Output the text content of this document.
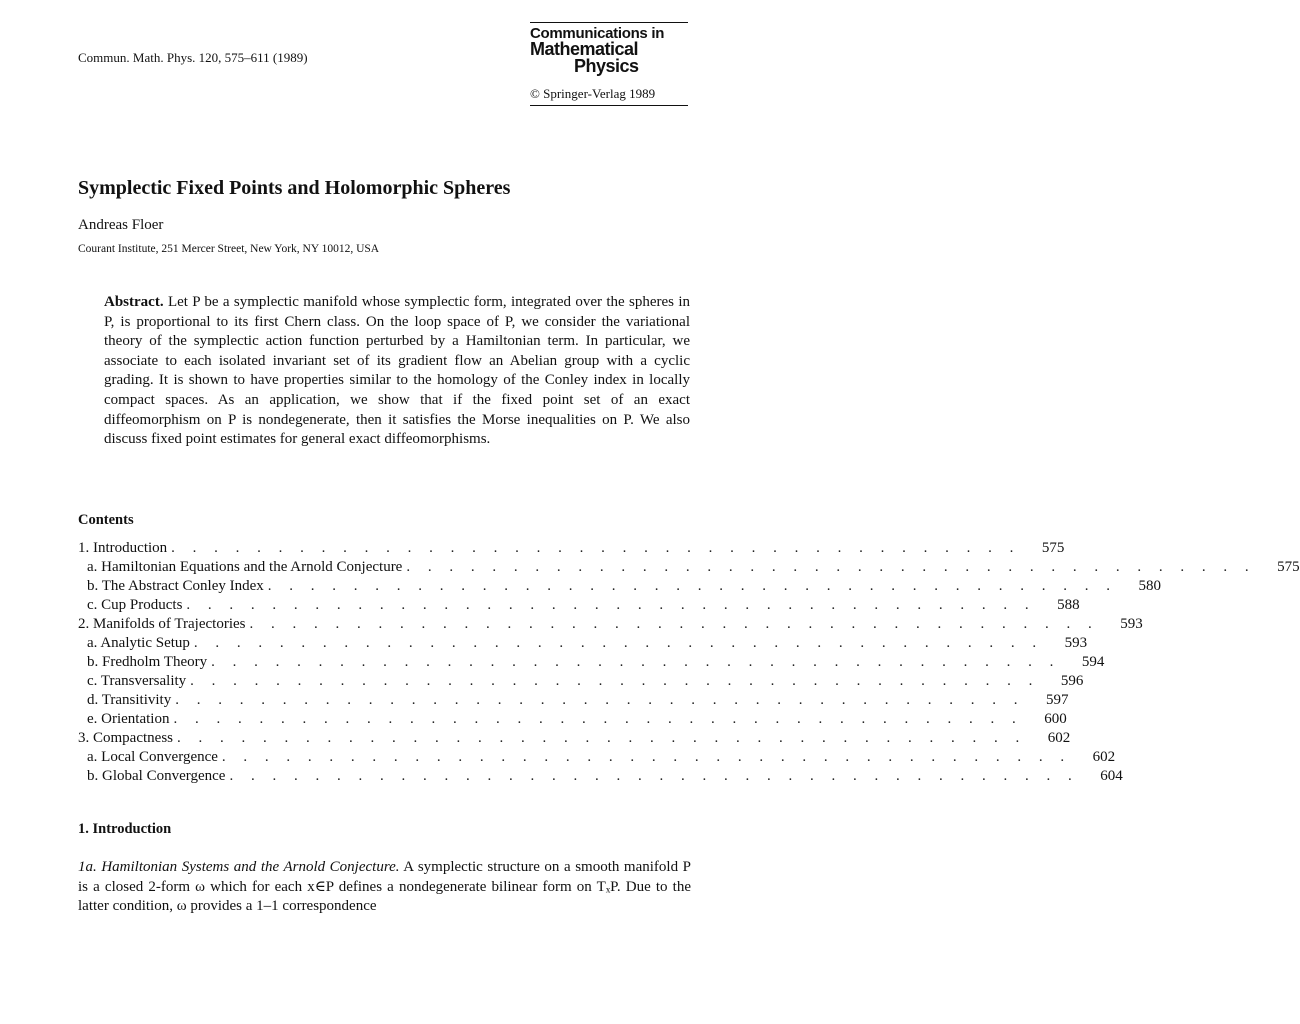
Commun. Math. Phys. 120, 575–611 (1989)
Communications in
Mathematical
Physics
© Springer-Verlag 1989
Symplectic Fixed Points and Holomorphic Spheres
Andreas Floer
Courant Institute, 251 Mercer Street, New York, NY 10012, USA
Abstract. Let P be a symplectic manifold whose symplectic form, integrated over the spheres in P, is proportional to its first Chern class. On the loop space of P, we consider the variational theory of the symplectic action function perturbed by a Hamiltonian term. In particular, we associate to each isolated invariant set of its gradient flow an Abelian group with a cyclic grading. It is shown to have properties similar to the homology of the Conley index in locally compact spaces. As an application, we show that if the fixed point set of an exact diffeomorphism on P is nondegenerate, then it satisfies the Morse inequalities on P. We also discuss fixed point estimates for general exact diffeomorphisms.
Contents
1. Introduction . . . . . . . . . . . . . . . . . . . . . . . . . . . . . . . . . . . . . . . .	575
a. Hamiltonian Equations and the Arnold Conjecture . . . . . . . . . . . . . . . . . . . . . . . . . . . . . . . . . . . . . . . .	575
b. The Abstract Conley Index . . . . . . . . . . . . . . . . . . . . . . . . . . . . . . . . . . . . . . . .	580
c. Cup Products . . . . . . . . . . . . . . . . . . . . . . . . . . . . . . . . . . . . . . . .	588
2. Manifolds of Trajectories . . . . . . . . . . . . . . . . . . . . . . . . . . . . . . . . . . . . . . . .	593
a. Analytic Setup . . . . . . . . . . . . . . . . . . . . . . . . . . . . . . . . . . . . . . . .	593
b. Fredholm Theory . . . . . . . . . . . . . . . . . . . . . . . . . . . . . . . . . . . . . . . .	594
c. Transversality . . . . . . . . . . . . . . . . . . . . . . . . . . . . . . . . . . . . . . . .	596
d. Transitivity . . . . . . . . . . . . . . . . . . . . . . . . . . . . . . . . . . . . . . . .	597
e. Orientation . . . . . . . . . . . . . . . . . . . . . . . . . . . . . . . . . . . . . . . .	600
3. Compactness . . . . . . . . . . . . . . . . . . . . . . . . . . . . . . . . . . . . . . . .	602
a. Local Convergence . . . . . . . . . . . . . . . . . . . . . . . . . . . . . . . . . . . . . . . .	602
b. Global Convergence . . . . . . . . . . . . . . . . . . . . . . . . . . . . . . . . . . . . . . . .	604
1. Introduction
1a. Hamiltonian Systems and the Arnold Conjecture. A symplectic structure on a smooth manifold P is a closed 2-form ω which for each x∈P defines a nondegenerate bilinear form on TₓP. Due to the latter condition, ω provides a 1–1 correspondence
